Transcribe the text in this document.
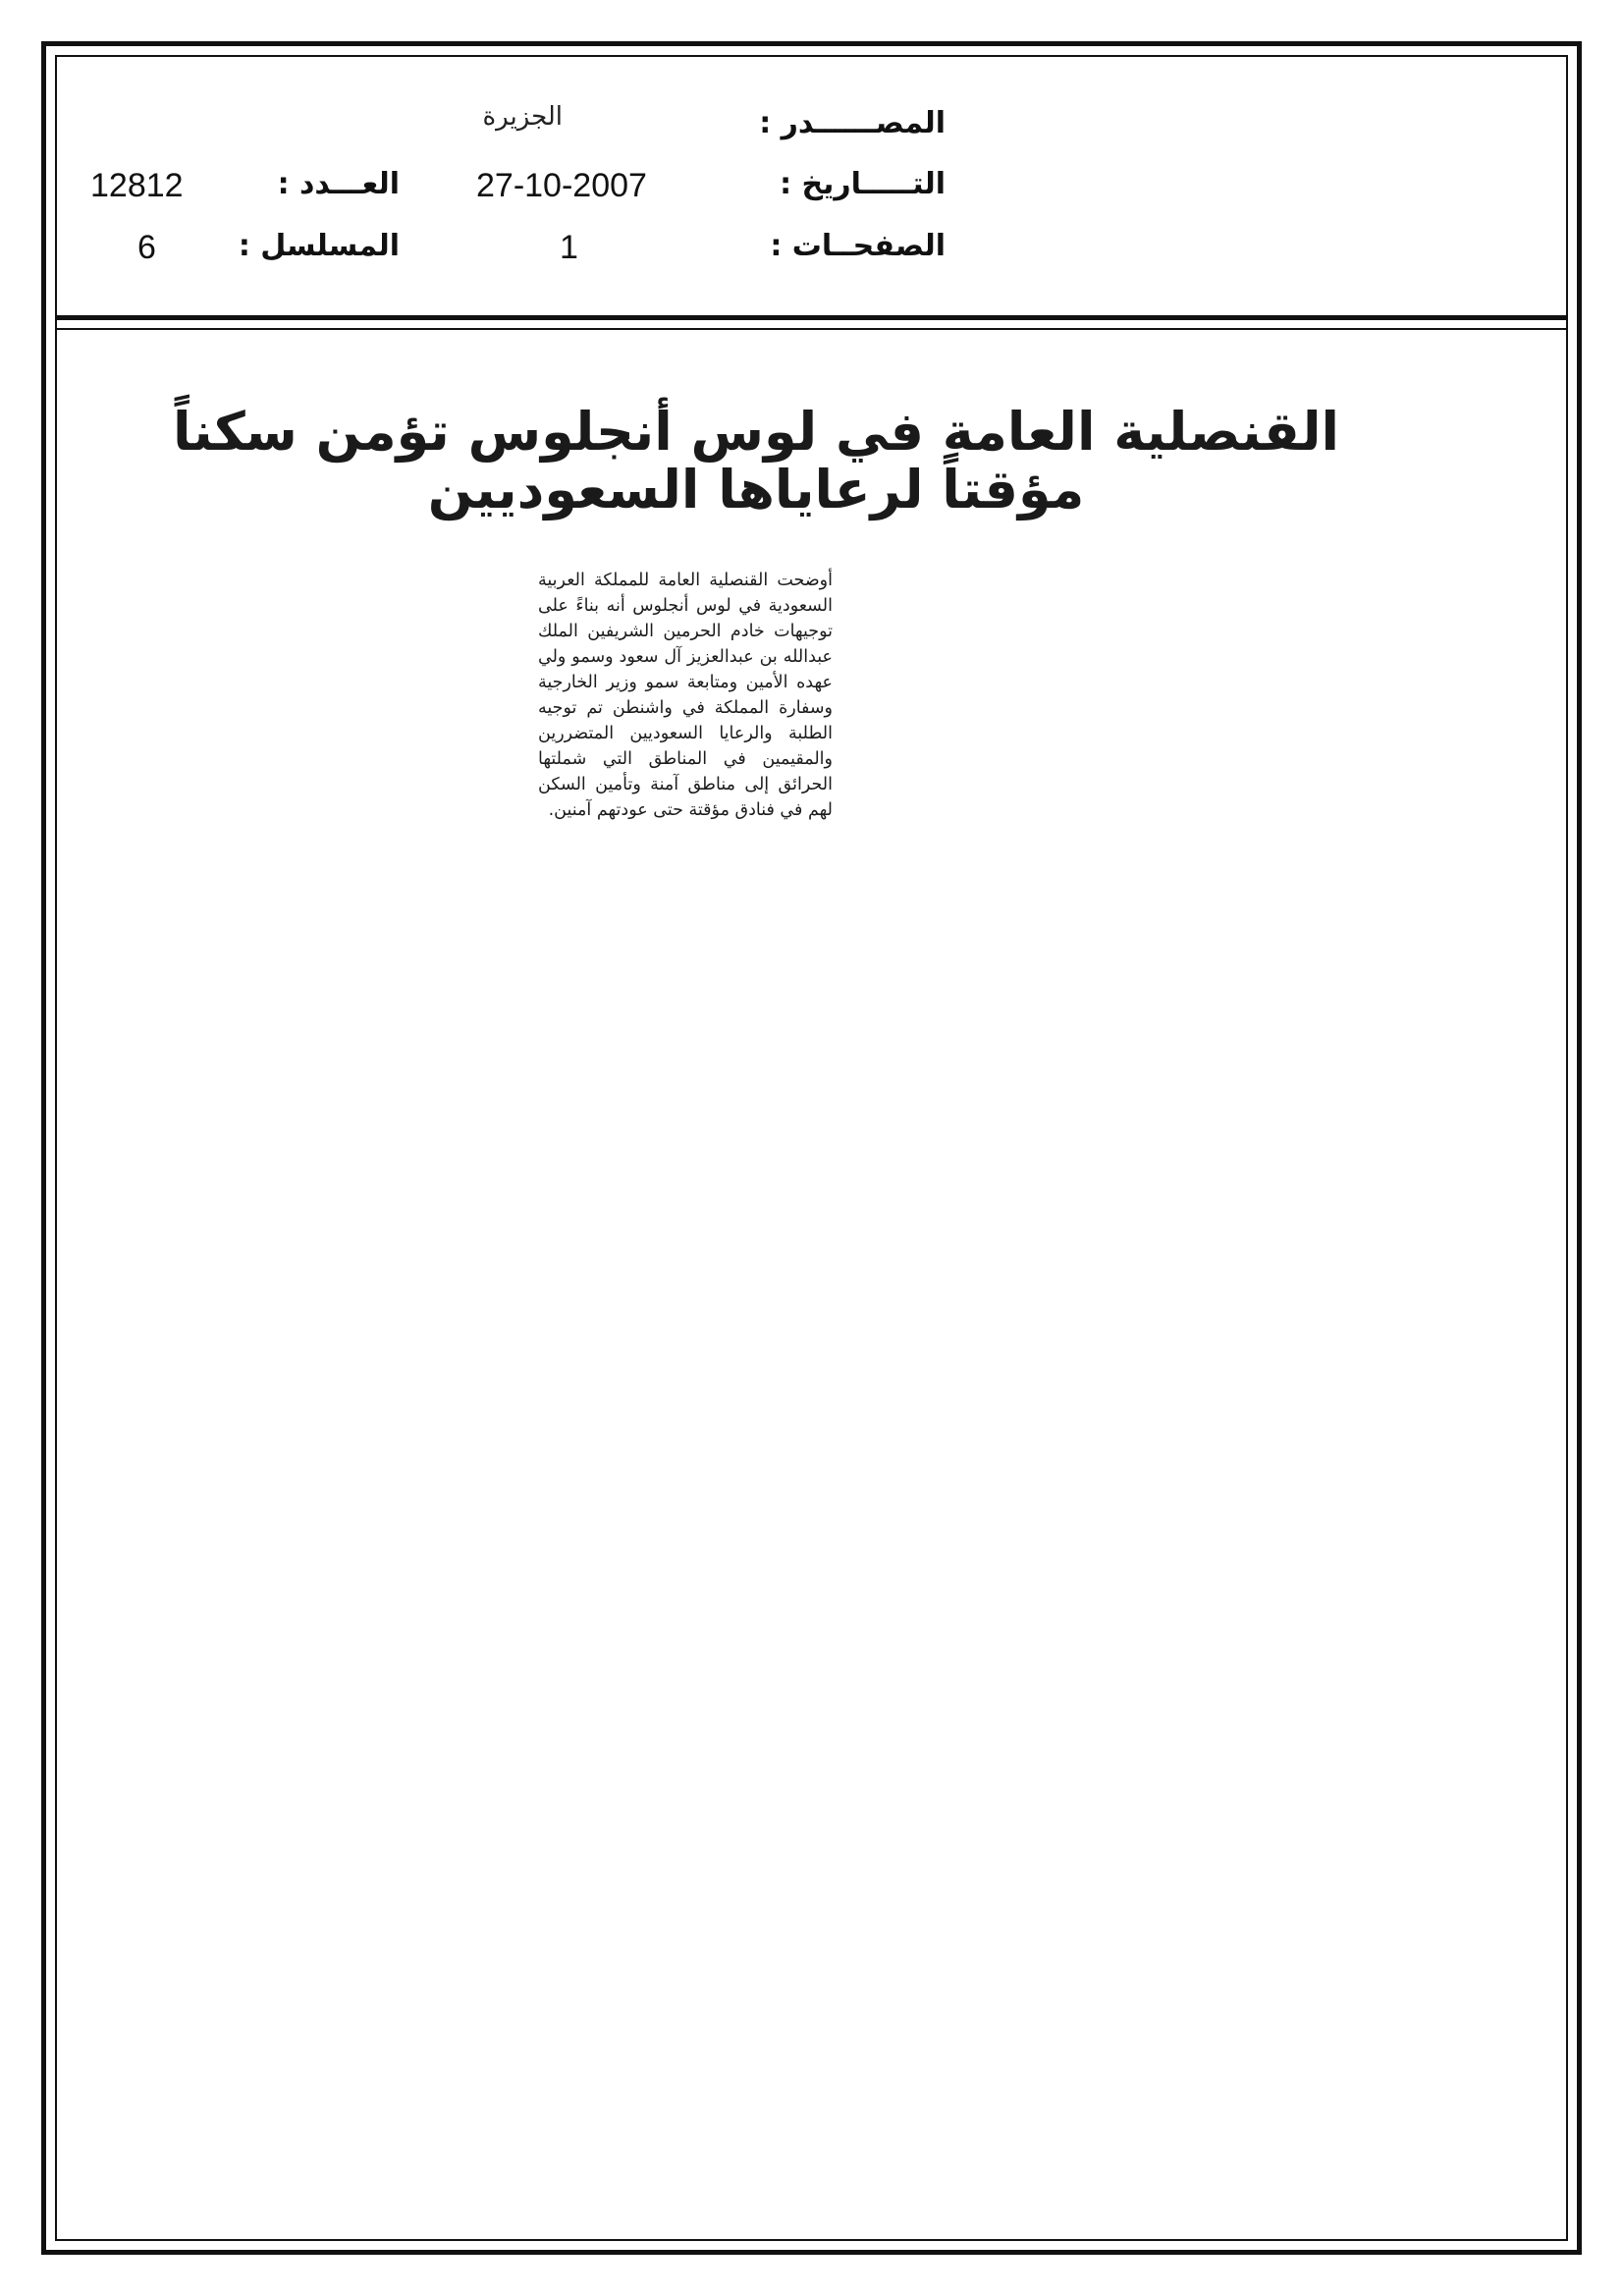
المصــــــدر :
الجزيرة
التـــــاريخ :
27-10-2007
العـــدد :
12812
الصفحــات :
1
المسلسل :
6
القنصلية العامة في لوس أنجلوس تؤمن سكناً مؤقتاً لرعاياها السعوديين
أوضحت القنصلية العامة للمملكة العربية السعودية في لوس أنجلوس أنه بناءً على توجيهات خادم الحرمين الشريفين الملك عبدالله بن عبدالعزيز آل سعود وسمو ولي عهده الأمين ومتابعة سمو وزير الخارجية وسفارة المملكة في واشنطن تم توجيه الطلبة والرعايا السعوديين المتضررين والمقيمين في المناطق التي شملتها الحرائق إلى مناطق آمنة وتأمين السكن لهم في فنادق مؤقتة حتى عودتهم آمنين.
